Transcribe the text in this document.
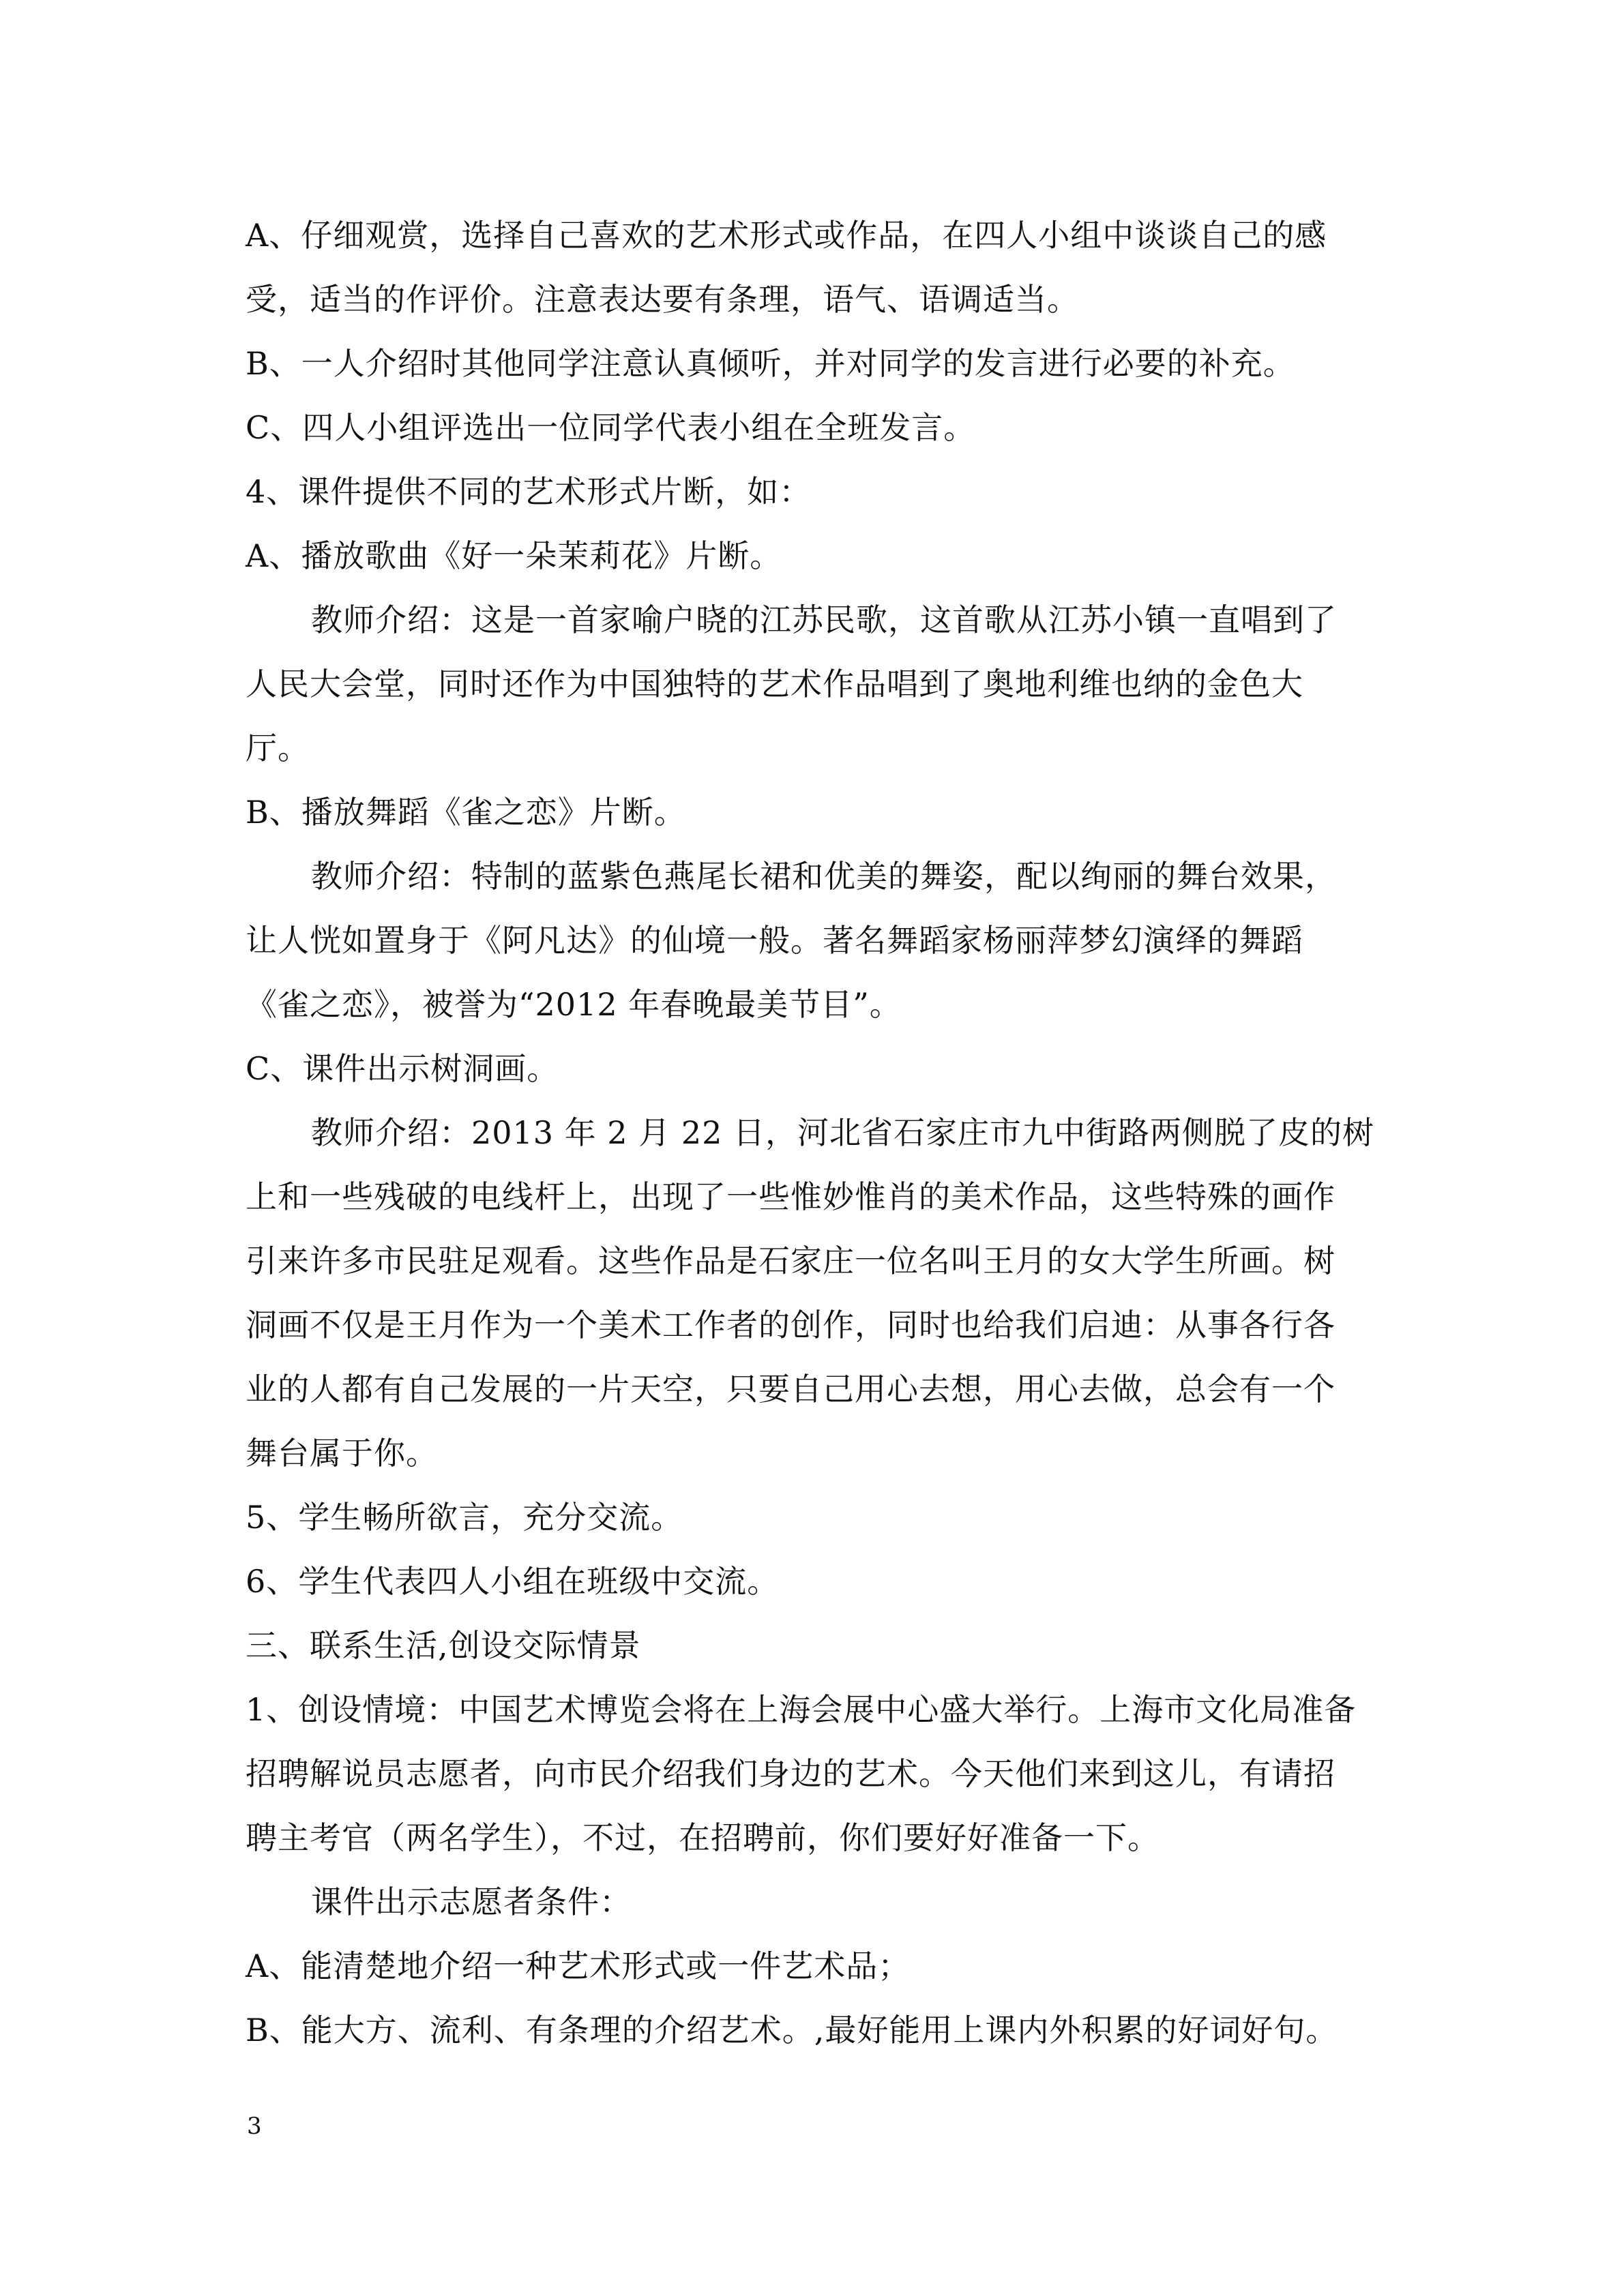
A、仔细观赏，选择自己喜欢的艺术形式或作品，在四人小组中谈谈自己的感
受，适当的作评价。注意表达要有条理，语气、语调适当。
B、一人介绍时其他同学注意认真倾听，并对同学的发言进行必要的补充。
C、四人小组评选出一位同学代表小组在全班发言。
4、课件提供不同的艺术形式片断，如：
A、播放歌曲《好一朵茉莉花》片断。
教师介绍：这是一首家喻户晓的江苏民歌，这首歌从江苏小镇一直唱到了
人民大会堂，同时还作为中国独特的艺术作品唱到了奥地利维也纳的金色大
厅。
B、播放舞蹈《雀之恋》片断。
教师介绍：特制的蓝紫色燕尾长裙和优美的舞姿，配以绚丽的舞台效果，
让人恍如置身于《阿凡达》的仙境一般。著名舞蹈家杨丽萍梦幻演绎的舞蹈
《雀之恋》，被誉为“2012 年春晚最美节目”。
C、课件出示树洞画。
教师介绍：2013 年 2 月 22 日，河北省石家庄市九中街路两侧脱了皮的树
上和一些残破的电线杆上，出现了一些惟妙惟肖的美术作品，这些特殊的画作
引来许多市民驻足观看。这些作品是石家庄一位名叫王月的女大学生所画。树
洞画不仅是王月作为一个美术工作者的创作，同时也给我们启迪：从事各行各
业的人都有自己发展的一片天空，只要自己用心去想，用心去做，总会有一个
舞台属于你。
5、学生畅所欲言，充分交流。
6、学生代表四人小组在班级中交流。
三、联系生活,创设交际情景
1、创设情境：中国艺术博览会将在上海会展中心盛大举行。上海市文化局准备
招聘解说员志愿者，向市民介绍我们身边的艺术。今天他们来到这儿，有请招
聘主考官（两名学生），不过，在招聘前，你们要好好准备一下。
课件出示志愿者条件：
A、能清楚地介绍一种艺术形式或一件艺术品；
B、能大方、流利、有条理的介绍艺术。,最好能用上课内外积累的好词好句。
3
